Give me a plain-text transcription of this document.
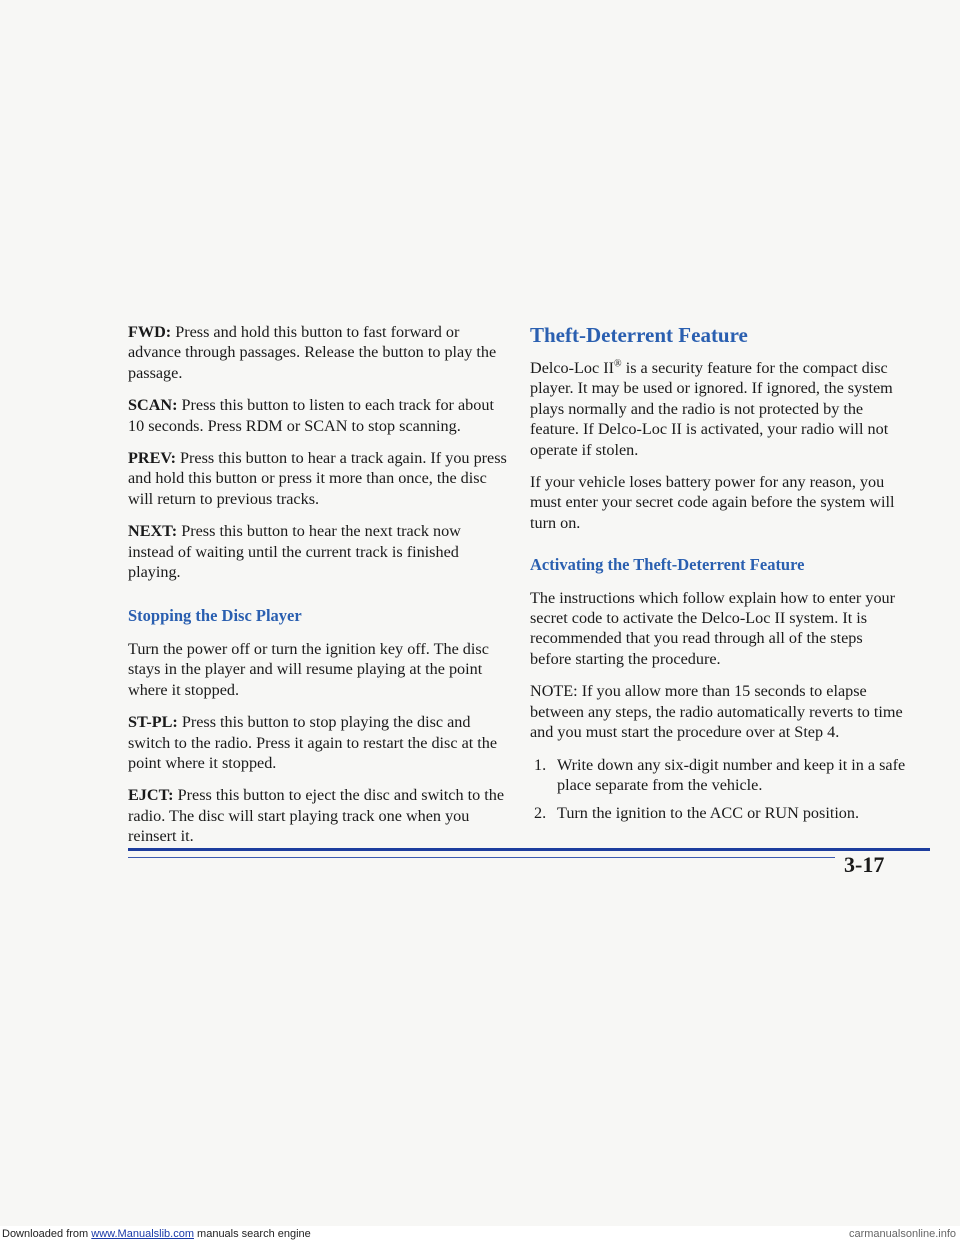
FWD: Press and hold this button to fast forward or advance through passages. Release the button to play the passage.

SCAN: Press this button to listen to each track for about 10 seconds. Press RDM or SCAN to stop scanning.

PREV: Press this button to hear a track again. If you press and hold this button or press it more than once, the disc will return to previous tracks.

NEXT: Press this button to hear the next track now instead of waiting until the current track is finished playing.

Stopping the Disc Player

Turn the power off or turn the ignition key off. The disc stays in the player and will resume playing at the point where it stopped.

ST-PL: Press this button to stop playing the disc and switch to the radio. Press it again to restart the disc at the point where it stopped.

EJCT: Press this button to eject the disc and switch to the radio. The disc will start playing track one when you reinsert it.

Theft-Deterrent Feature

Delco-Loc II® is a security feature for the compact disc player. It may be used or ignored. If ignored, the system plays normally and the radio is not protected by the feature. If Delco-Loc II is activated, your radio will not operate if stolen.

If your vehicle loses battery power for any reason, you must enter your secret code again before the system will turn on.

Activating the Theft-Deterrent Feature

The instructions which follow explain how to enter your secret code to activate the Delco-Loc II system. It is recommended that you read through all of the steps before starting the procedure.

NOTE: If you allow more than 15 seconds to elapse between any steps, the radio automatically reverts to time and you must start the procedure over at Step 4.

1. Write down any six-digit number and keep it in a safe place separate from the vehicle.
2. Turn the ignition to the ACC or RUN position.
3-17
Downloaded from www.Manualslib.com manuals search engine	carmanualsonline.info
